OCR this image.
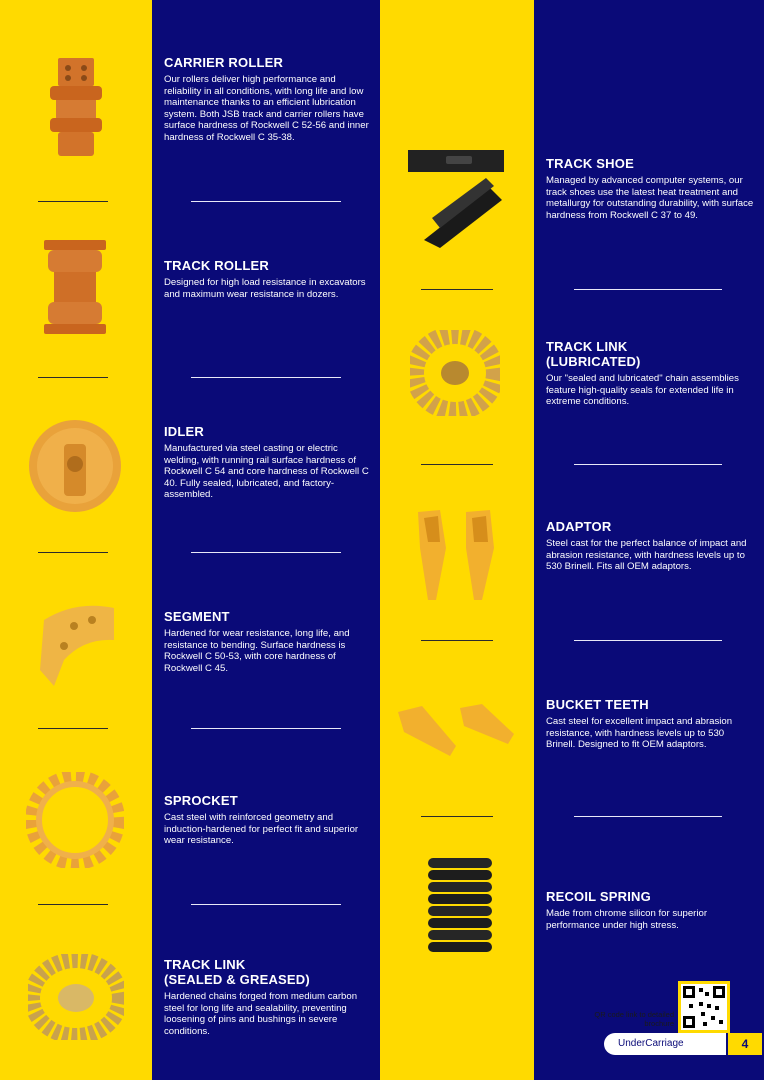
CARRIER ROLLER

Our rollers deliver high performance and reliability in all conditions, with long life and low maintenance thanks to an efficient lubrication system. Both JSB track and carrier rollers have surface hardness of Rockwell C 52-56 and inner hardness of Rockwell C 35-38.

TRACK ROLLER

Designed for high load resistance in excavators and maximum wear resistance in dozers.

IDLER

Manufactured via steel casting or electric welding, with running rail surface hardness of Rockwell C 54 and core hardness of Rockwell C 40. Fully sealed, lubricated, and factory-assembled.

SEGMENT

Hardened for wear resistance, long life, and resistance to bending. Surface hardness is Rockwell C 50-53, with core hardness of Rockwell C 45.

SPROCKET

Cast steel with reinforced geometry and induction-hardened for perfect fit and superior wear resistance.

TRACK LINK
(SEALED & GREASED)

Hardened chains forged from medium carbon steel for long life and sealability, preventing loosening of pins and bushings in severe conditions.

TRACK SHOE

Managed by advanced computer systems, our track shoes use the latest heat treatment and metallurgy for outstanding durability, with surface hardness from Rockwell C 37 to 49.

TRACK LINK
(LUBRICATED)

Our "sealed and lubricated" chain assemblies feature high-quality seals for extended life in extreme conditions.

ADAPTOR

Steel cast for the perfect balance of impact and abrasion resistance, with hardness levels up to 530 Brinell. Fits all OEM adaptors.

BUCKET TEETH

Cast steel for excellent impact and abrasion resistance, with hardness levels up to 530 Brinell. Designed to fit OEM adaptors.

RECOIL SPRING

Made from chrome silicon for superior performance under high stress.

QR code link to detailed brochure
UnderCarriage	4
